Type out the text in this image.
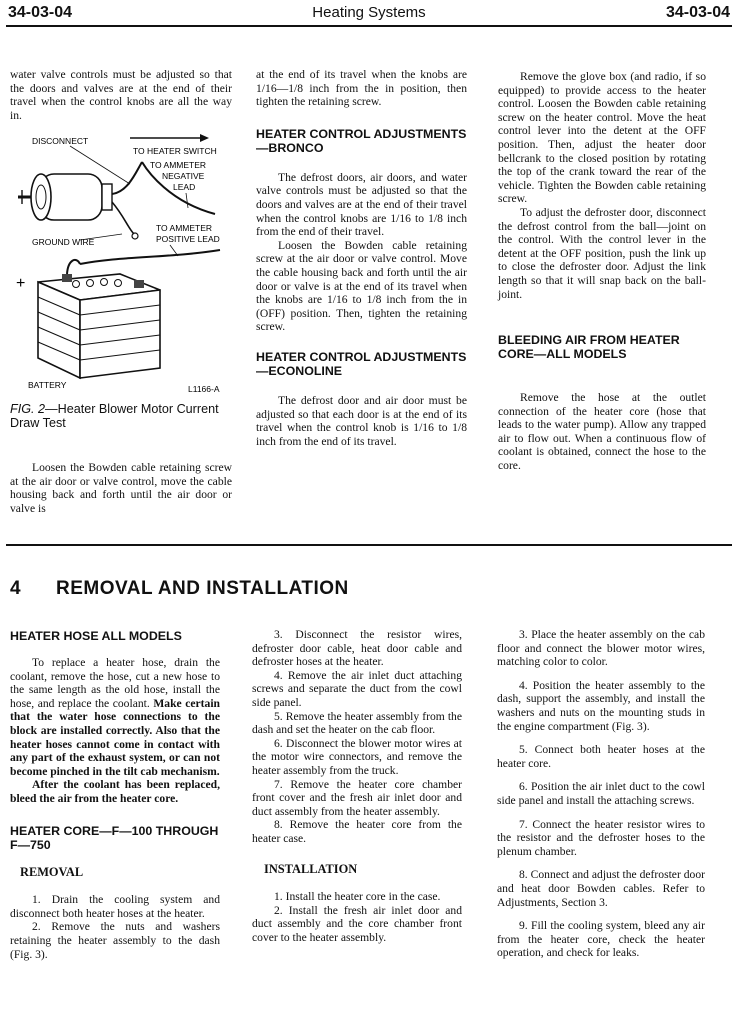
34-03-04	Heating Systems	34-03-04

water valve controls must be adjusted so that the doors and valves are at the end of their travel when the control knobs are all the way in.

DISCONNECT
TO HEATER SWITCH
TO AMMETER
NEGATIVE
LEAD
GROUND WIRE
TO AMMETER
POSITIVE LEAD
+
BATTERY	L1166-A
FIG. 2—Heater Blower Motor Current Draw Test

Loosen the Bowden cable retaining screw at the air door or valve control, move the cable housing back and forth until the air door or valve is

at the end of its travel when the knobs are 1/16—1/8 inch from the in position, then tighten the retaining screw.

HEATER CONTROL ADJUSTMENTS—BRONCO

The defrost doors, air doors, and water valve controls must be adjusted so that the doors and valves are at the end of their travel when the control knobs are 1/16 to 1/8 inch from the end of their travel.

Loosen the Bowden cable retaining screw at the air door or valve control. Move the cable housing back and forth until the air door or valve is at the end of its travel when the knobs are 1/16 to 1/8 inch from the in (OFF) position. Then, tighten the retaining screw.

HEATER CONTROL ADJUSTMENTS—ECONOLINE

The defrost door and air door must be adjusted so that each door is at the end of its travel when the control knob is 1/16 to 1/8 inch from the end of its travel.

Remove the glove box (and radio, if so equipped) to provide access to the heater control. Loosen the Bowden cable retaining screw on the heater control. Move the heat control lever into the detent at the OFF position. Then, adjust the heater door bellcrank to the closed position by rotating the top of the crank toward the rear of the vehicle. Tighten the Bowden cable retaining screw.

To adjust the defroster door, disconnect the defrost control from the ball—joint on the control. With the control lever in the detent at the OFF position, push the link up to close the defroster door. Adjust the link length so that it will snap back on the ball-joint.

BLEEDING AIR FROM HEATER CORE—ALL MODELS

Remove the hose at the outlet connection of the heater core (hose that leads to the water pump). Allow any trapped air to flow out. When a continuous flow of coolant is obtained, connect the hose to the core.

4 REMOVAL AND INSTALLATION

HEATER HOSE ALL MODELS

To replace a heater hose, drain the coolant, remove the hose, cut a new hose to the same length as the old hose, install the hose, and replace the coolant. Make certain that the water hose connections to the block are installed correctly. Also that the heater hoses cannot come in contact with any part of the exhaust system, or can not become pinched in the tilt cab mechanism.

After the coolant has been replaced, bleed the air from the heater core.

HEATER CORE—F—100 THROUGH F—750

REMOVAL

1. Drain the cooling system and disconnect both heater hoses at the heater.

2. Remove the nuts and washers retaining the heater assembly to the dash (Fig. 3).

3. Disconnect the resistor wires, defroster door cable, heat door cable and defroster hoses at the heater.

4. Remove the air inlet duct attaching screws and separate the duct from the cowl side panel.

5. Remove the heater assembly from the dash and set the heater on the cab floor.

6. Disconnect the blower motor wires at the motor wire connectors, and remove the heater assembly from the truck.

7. Remove the heater core chamber front cover and the fresh air inlet door and duct assembly from the heater assembly.

8. Remove the heater core from the heater case.

INSTALLATION

1. Install the heater core in the case.

2. Install the fresh air inlet door and duct assembly and the core chamber front cover to the heater assembly.

3. Place the heater assembly on the cab floor and connect the blower motor wires, matching color to color.

4. Position the heater assembly to the dash, support the assembly, and install the washers and nuts on the mounting studs in the engine compartment (Fig. 3).

5. Connect both heater hoses at the heater core.

6. Position the air inlet duct to the cowl side panel and install the attaching screws.

7. Connect the heater resistor wires to the resistor and the defroster hoses to the plenum chamber.

8. Connect and adjust the defroster door and heat door Bowden cables. Refer to Adjustments, Section 3.

9. Fill the cooling system, bleed any air from the heater core, check the heater operation, and check for leaks.
